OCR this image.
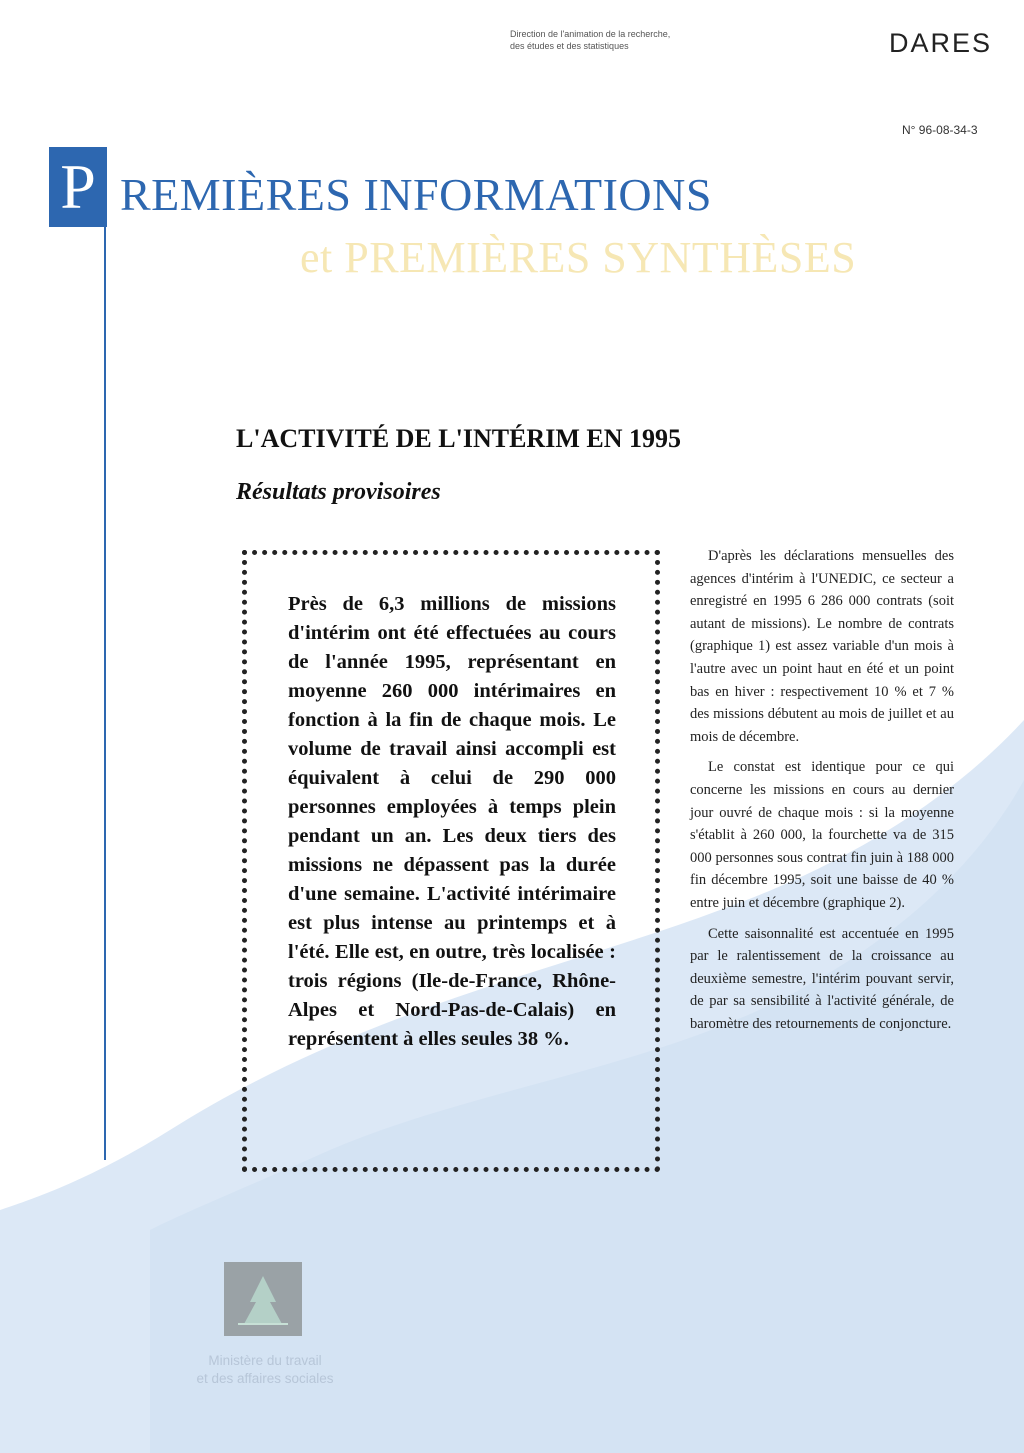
Direction de l'animation de la recherche,
des études et des statistiques	DARES
N° 96-08-34-3
P REMIÈRES INFORMATIONS
et PREMIÈRES SYNTHÈSES
L'ACTIVITÉ DE L'INTÉRIM EN 1995
Résultats provisoires
Près de 6,3 millions de missions d'intérim ont été effectuées au cours de l'année 1995, représentant en moyenne 260 000 intérimaires en fonction à la fin de chaque mois. Le volume de travail ainsi accompli est équivalent à celui de 290 000 personnes employées à temps plein pendant un an. Les deux tiers des missions ne dépassent pas la durée d'une semaine. L'activité intérimaire est plus intense au printemps et à l'été. Elle est, en outre, très localisée : trois régions (Ile-de-France, Rhône-Alpes et Nord-Pas-de-Calais) en représentent à elles seules 38 %.

D'après les déclarations mensuelles des agences d'intérim à l'UNEDIC, ce secteur a enregistré en 1995 6 286 000 contrats (soit autant de missions). Le nombre de contrats (graphique 1) est assez variable d'un mois à l'autre avec un point haut en été et un point bas en hiver : respectivement 10 % et 7 % des missions débutent au mois de juillet et au mois de décembre.

Le constat est identique pour ce qui concerne les missions en cours au dernier jour ouvré de chaque mois : si la moyenne s'établit à 260 000, la fourchette va de 315 000 personnes sous contrat fin juin à 188 000 fin décembre 1995, soit une baisse de 40 % entre juin et décembre (graphique 2).

Cette saisonnalité est accentuée en 1995 par le ralentissement de la croissance au deuxième semestre, l'intérim pouvant servir, de par sa sensibilité à l'activité générale, de baromètre des retournements de conjoncture.

Ministère du travail
et des affaires sociales
